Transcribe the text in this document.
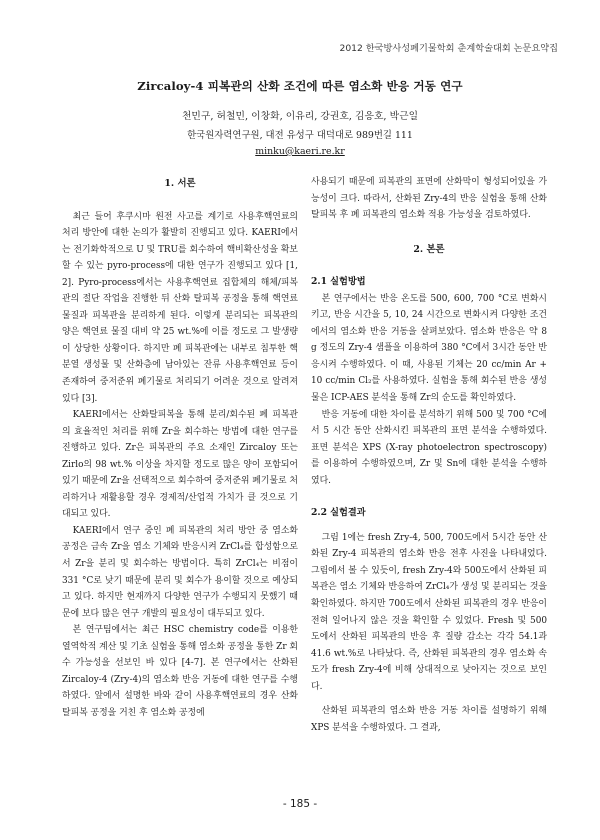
2012 한국방사성폐기물학회 춘계학술대회 논문요약집
Zircaloy-4 피복관의 산화 조건에 따른 염소화 반응 거동 연구
천민구, 허철민, 이창화, 이유리, 강권호, 김응호, 박근일
한국원자력연구원, 대전 유성구 대덕대로 989번길 111
minku@kaeri.re.kr
1. 서론

최근 들어 후쿠시마 원전 사고를 계기로 사용후핵연료의 처리 방안에 대한 논의가 활발히 진행되고 있다. KAERI에서는 전기화학적으로 U 및 TRU를 회수하여 핵비확산성을 확보할 수 있는 pyro-process에 대한 연구가 진행되고 있다 [1, 2]. Pyro-process에서는 사용후핵연료 집합체의 해체/피복관의 절단 작업을 진행한 뒤 산화 탈피복 공정을 통해 핵연료 물질과 피복관을 분리하게 된다. 이렇게 분리되는 피복관의 양은 핵연료 물질 대비 약 25 wt.%에 이를 정도로 그 발생량이 상당한 상황이다. 하지만 폐 피복관에는 내부로 침투한 핵분열 생성물 및 산화층에 남아있는 잔류 사용후핵연료 등이 존재하여 중저준위 폐기물로 처리되기 어려운 것으로 알려져 있다 [3].

KAERI에서는 산화탈피복을 통해 분리/회수된 폐 피복관의 효율적인 처리를 위해 Zr을 회수하는 방법에 대한 연구를 진행하고 있다. Zr은 피복관의 주요 소재인 Zircaloy 또는 Zirlo의 98 wt.% 이상을 차지할 정도로 많은 양이 포함되어 있기 때문에 Zr을 선택적으로 회수하여 중저준위 폐기물로 처리하거나 재활용할 경우 경제적/산업적 가치가 클 것으로 기대되고 있다.

KAERI에서 연구 중인 폐 피복관의 처리 방안 중 염소화 공정은 금속 Zr을 염소 기체와 반응시켜 ZrCl₄를 합성함으로서 Zr을 분리 및 회수하는 방법이다. 특히 ZrCl₄는 비점이 331 °C로 낮기 때문에 분리 및 회수가 용이할 것으로 예상되고 있다. 하지만 현재까지 다양한 연구가 수행되지 못했기 때문에 보다 많은 연구 개발의 필요성이 대두되고 있다.

본 연구팀에서는 최근 HSC chemistry code를 이용한 열역학적 계산 및 기초 실험을 통해 염소화 공정을 통한 Zr 회수 가능성을 선보인 바 있다 [4-7]. 본 연구에서는 산화된 Zircaloy-4 (Zry-4)의 염소화 반응 거동에 대한 연구를 수행하였다. 앞에서 설명한 바와 같이 사용후핵연료의 경우 산화탈피복 공정을 거친 후 염소화 공정에

사용되기 때문에 피복관의 표면에 산화막이 형성되어있을 가능성이 크다. 따라서, 산화된 Zry-4의 반응 실험을 통해 산화탈피복 후 폐 피복관의 염소화 적용 가능성을 검토하였다.

2. 본론
2.1 실험방법

본 연구에서는 반응 온도를 500, 600, 700 °C로 변화시키고, 반응 시간을 5, 10, 24 시간으로 변화시켜 다양한 조건에서의 염소화 반응 거동을 살펴보았다. 염소화 반응은 약 8 g 정도의 Zry-4 샘플을 이용하여 380 °C에서 3시간 동안 반응시켜 수행하였다. 이 때, 사용된 기체는 20 cc/min Ar + 10 cc/min Cl₂를 사용하였다. 실험을 통해 회수된 반응 생성물은 ICP-AES 분석을 통해 Zr의 순도를 확인하였다.

반응 거동에 대한 차이를 분석하기 위해 500 및 700 °C에서 5 시간 동안 산화시킨 피복관의 표면 분석을 수행하였다. 표면 분석은 XPS (X-ray photoelectron spectroscopy)를 이용하여 수행하였으며, Zr 및 Sn에 대한 분석을 수행하였다.

2.2 실험결과

그림 1에는 fresh Zry-4, 500, 700도에서 5시간 동안 산화된 Zry-4 피복관의 염소화 반응 전후 사진을 나타내었다. 그림에서 볼 수 있듯이, fresh Zry-4와 500도에서 산화된 피복관은 염소 기체와 반응하여 ZrCl₄가 생성 및 분리되는 것을 확인하였다. 하지만 700도에서 산화된 피복관의 경우 반응이 전혀 일어나지 않은 것을 확인할 수 있었다. Fresh 및 500 도에서 산화된 피복관의 반응 후 질량 감소는 각각 54.1과 41.6 wt.%로 나타났다. 즉, 산화된 피복관의 경우 염소화 속도가 fresh Zry-4에 비해 상대적으로 낮아지는 것으로 보인다.

산화된 피복관의 염소화 반응 거동 차이를 설명하기 위해 XPS 분석을 수행하였다. 그 결과,

- 185 -
